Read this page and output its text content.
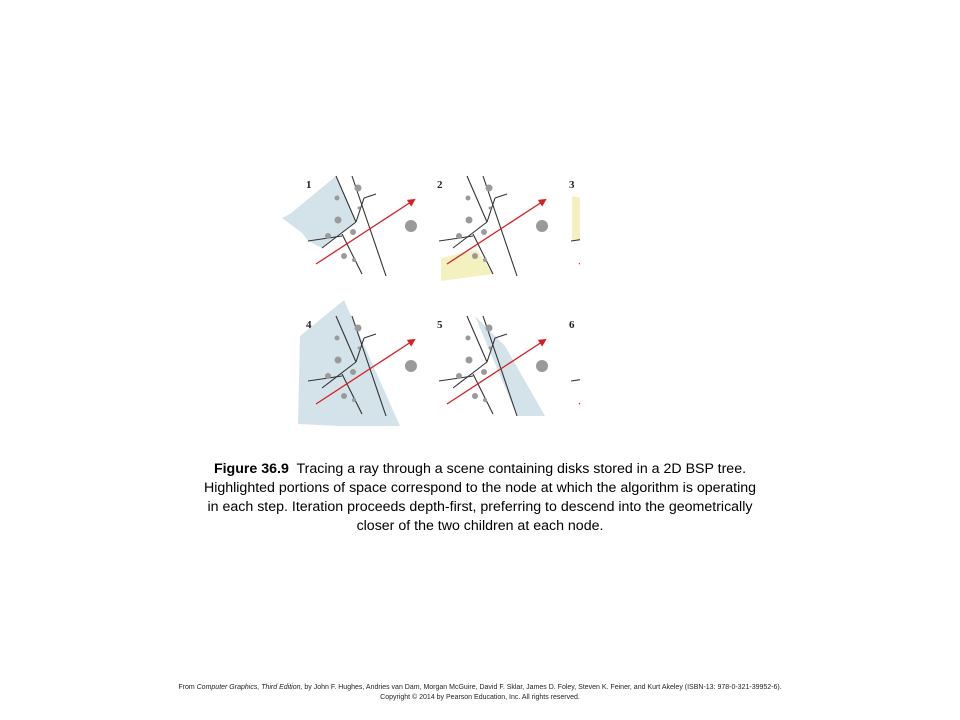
1	2	3
4	5	6
Figure 36.9 Tracing a ray through a scene containing disks stored in a 2D BSP tree. Highlighted portions of space correspond to the node at which the algorithm is operating in each step. Iteration proceeds depth-first, preferring to descend into the geometrically closer of the two children at each node.
From Computer Graphics, Third Edition, by John F. Hughes, Andries van Dam, Morgan McGuire, David F. Sklar, James D. Foley, Steven K. Feiner, and Kurt Akeley (ISBN-13: 978-0-321-39952-6).
Copyright © 2014 by Pearson Education, Inc. All rights reserved.
